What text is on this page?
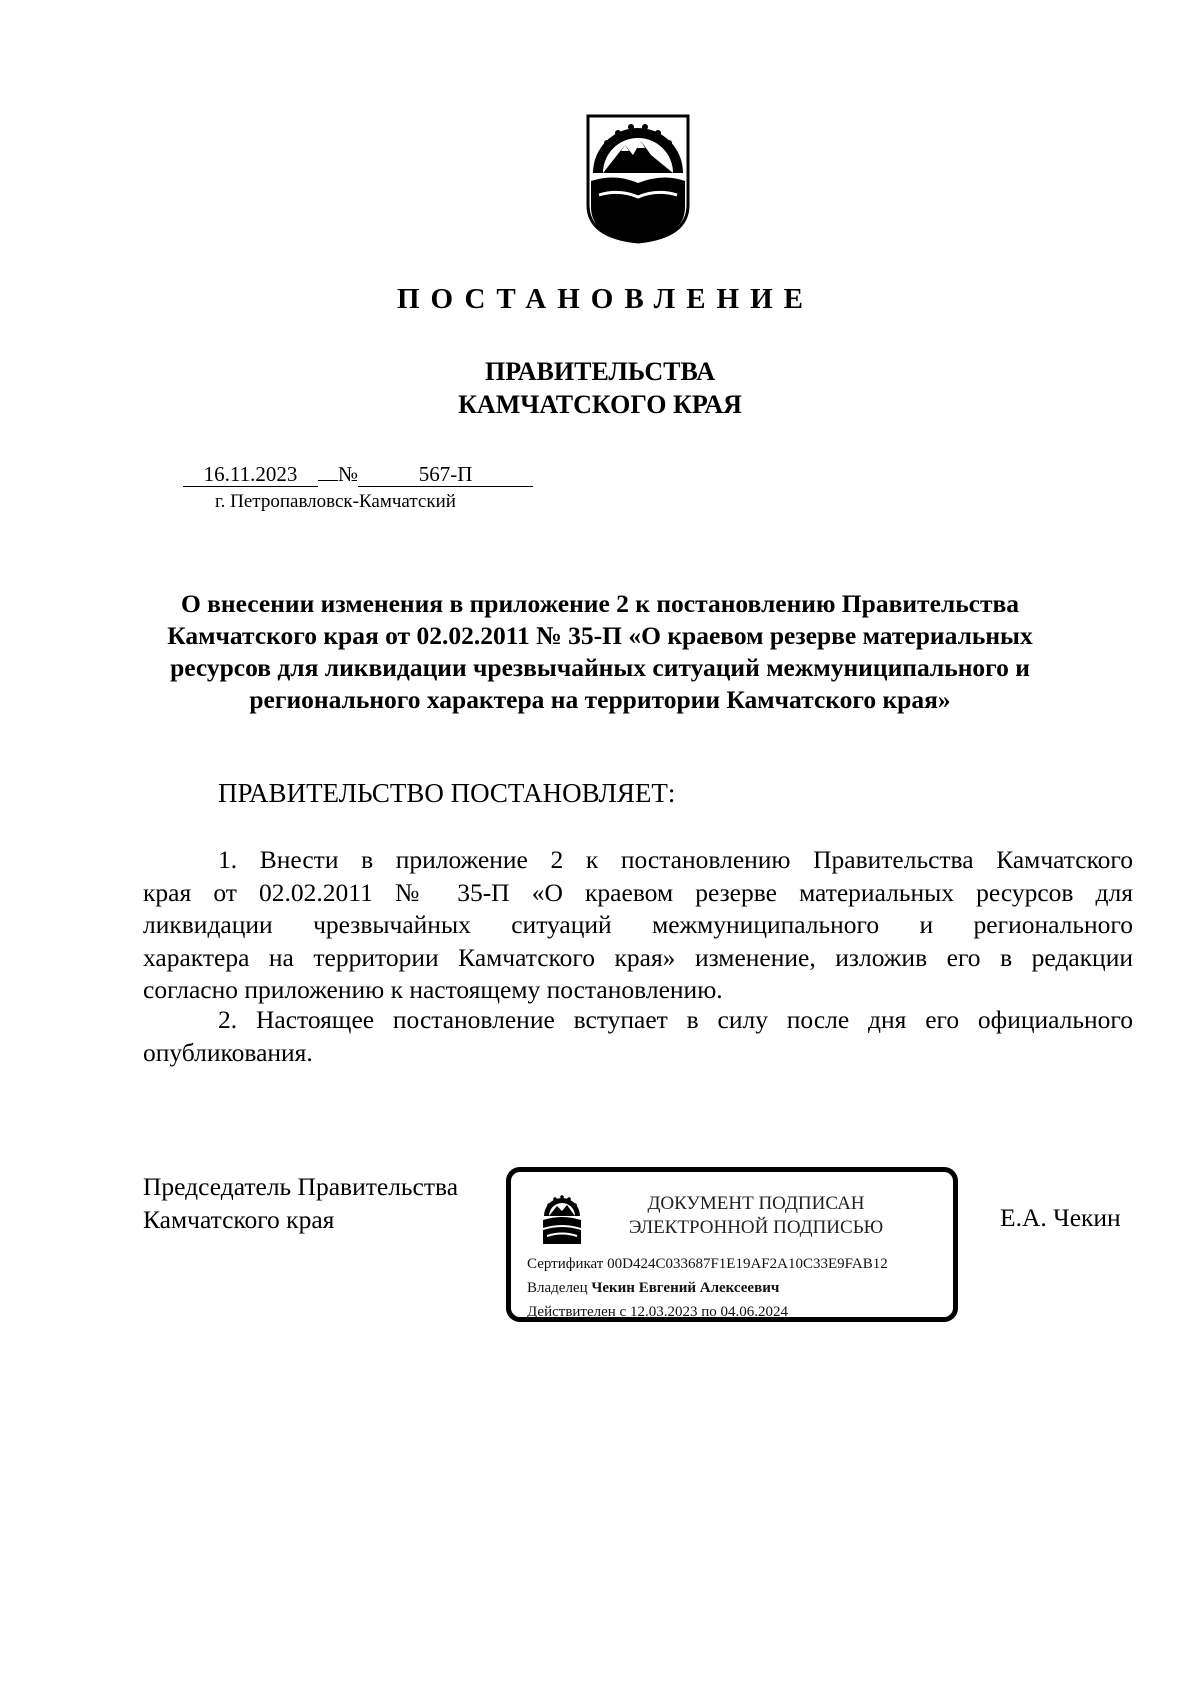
ПОСТАНОВЛЕНИЕ
ПРАВИТЕЛЬСТВА
КАМЧАТСКОГО КРАЯ
16.11.2023 №	567-П
г. Петропавловск-Камчатский
О внесении изменения в приложение 2 к постановлению Правительства
Камчатского края от 02.02.2011 № 35-П «О краевом резерве материальных
ресурсов для ликвидации чрезвычайных ситуаций межмуниципального и
регионального характера на территории Камчатского края»
ПРАВИТЕЛЬСТВО ПОСТАНОВЛЯЕТ:
1. Внести в приложение 2 к постановлению Правительства Камчатского
края от 02.02.2011 № 35-П «О краевом резерве материальных ресурсов для
ликвидации чрезвычайных ситуаций межмуниципального и регионального
характера на территории Камчатского края» изменение, изложив его в редакции
согласно приложению к настоящему постановлению.
2. Настоящее постановление вступает в силу после дня его официального
опубликования.
Председатель Правительства
Камчатского края
ДОКУМЕНТ ПОДПИСАН
ЭЛЕКТРОННОЙ ПОДПИСЬЮ
Сертификат 00D424C033687F1E19AF2A10C33E9FAB12
Владелец Чекин Евгений Алексеевич
Действителен с 12.03.2023 по 04.06.2024
Е.А. Чекин
